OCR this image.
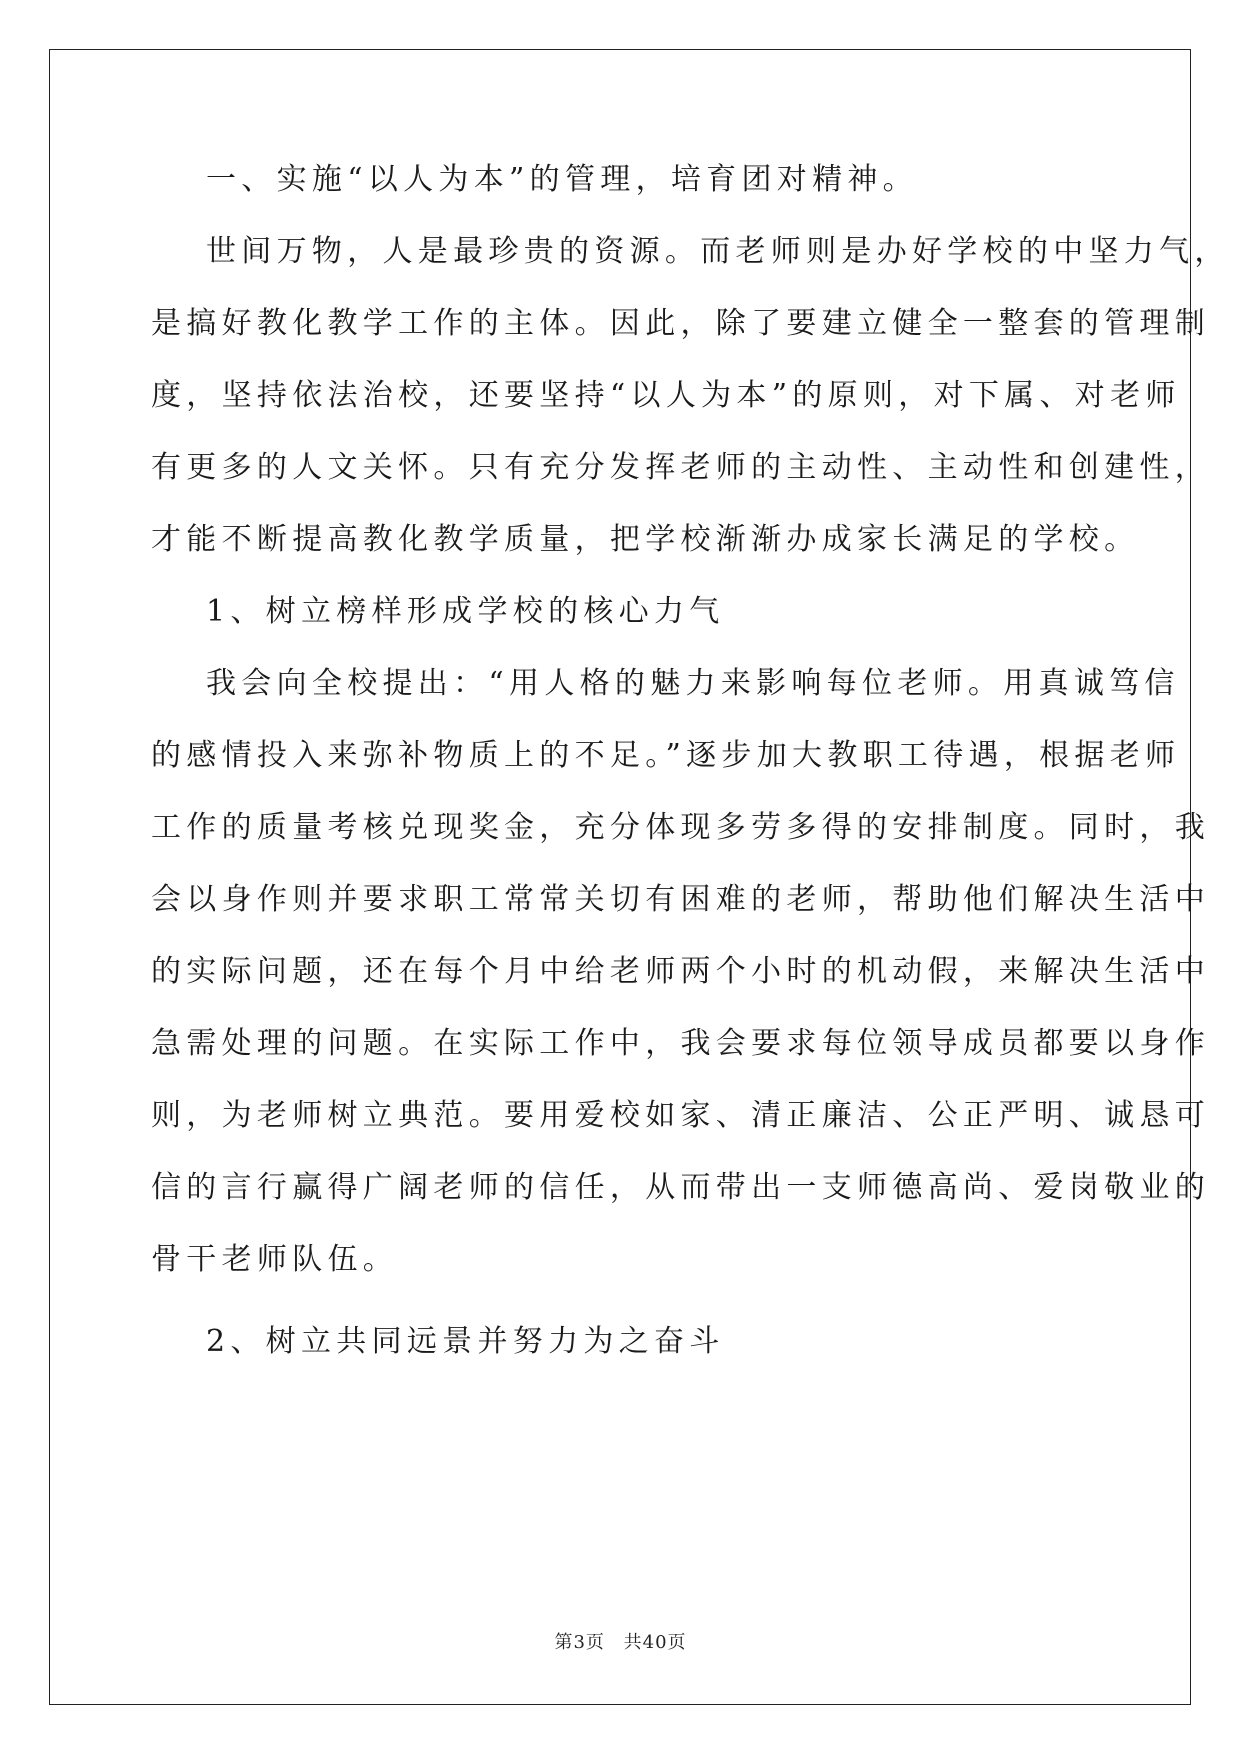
一、实施“以人为本”的管理，培育团对精神。
世间万物，人是最珍贵的资源。而老师则是办好学校的中坚力气，
是搞好教化教学工作的主体。因此，除了要建立健全一整套的管理制
度，坚持依法治校，还要坚持“以人为本”的原则，对下属、对老师
有更多的人文关怀。只有充分发挥老师的主动性、主动性和创建性，
才能不断提高教化教学质量，把学校渐渐办成家长满足的学校。
1、树立榜样形成学校的核心力气
我会向全校提出：“用人格的魅力来影响每位老师。用真诚笃信
的感情投入来弥补物质上的不足。”逐步加大教职工待遇，根据老师
工作的质量考核兑现奖金，充分体现多劳多得的安排制度。同时，我
会以身作则并要求职工常常关切有困难的老师，帮助他们解决生活中
的实际问题，还在每个月中给老师两个小时的机动假，来解决生活中
急需处理的问题。在实际工作中，我会要求每位领导成员都要以身作
则，为老师树立典范。要用爱校如家、清正廉洁、公正严明、诚恳可
信的言行赢得广阔老师的信任，从而带出一支师德高尚、爱岗敬业的
骨干老师队伍。
2、树立共同远景并努力为之奋斗
第3页 共40页
